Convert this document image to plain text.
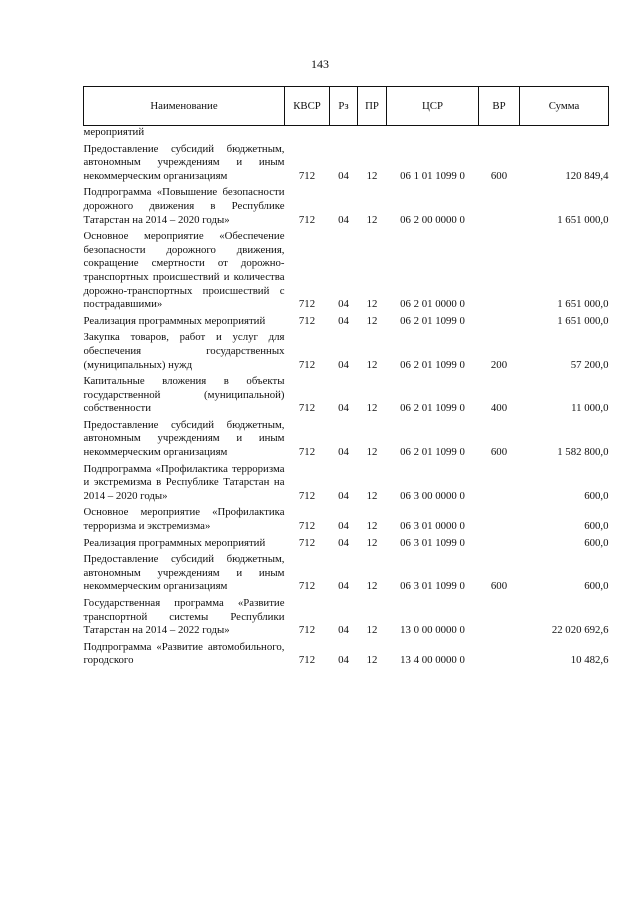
143
Наименование	КВСР	Рз	ПР	ЦСР	ВР	Сумма
мероприятий						
Предоставление субсидий бюджетным, автономным учреждениям и иным некоммерческим организациям	712	04	12	06 1 01 1099 0	600	120 849,4
Подпрограмма «Повышение безопасности дорожного движения в Республике Татарстан на 2014 – 2020 годы»	712	04	12	06 2 00 0000 0		1 651 000,0
Основное мероприятие «Обеспечение безопасности дорожного движения, сокращение смертности от дорожно-транспортных происшествий и количества дорожно-транспортных происшествий с пострадавшими»	712	04	12	06 2 01 0000 0		1 651 000,0
Реализация программных мероприятий	712	04	12	06 2 01 1099 0		1 651 000,0
Закупка товаров, работ и услуг для обеспечения государственных (муниципальных) нужд	712	04	12	06 2 01 1099 0	200	57 200,0
Капитальные вложения в объекты государственной (муниципальной) собственности	712	04	12	06 2 01 1099 0	400	11 000,0
Предоставление субсидий бюджетным, автономным учреждениям и иным некоммерческим организациям	712	04	12	06 2 01 1099 0	600	1 582 800,0
Подпрограмма «Профилактика терроризма и экстремизма в Республике Татарстан на 2014 – 2020 годы»	712	04	12	06 3 00 0000 0		600,0
Основное мероприятие «Профилактика терроризма и экстремизма»	712	04	12	06 3 01 0000 0		600,0
Реализация программных мероприятий	712	04	12	06 3 01 1099 0		600,0
Предоставление субсидий бюджетным, автономным учреждениям и иным некоммерческим организациям	712	04	12	06 3 01 1099 0	600	600,0
Государственная программа «Развитие транспортной системы Республики Татарстан на 2014 – 2022 годы»	712	04	12	13 0 00 0000 0		22 020 692,6
Подпрограмма «Развитие автомобильного, городского	712	04	12	13 4 00 0000 0		10 482,6
